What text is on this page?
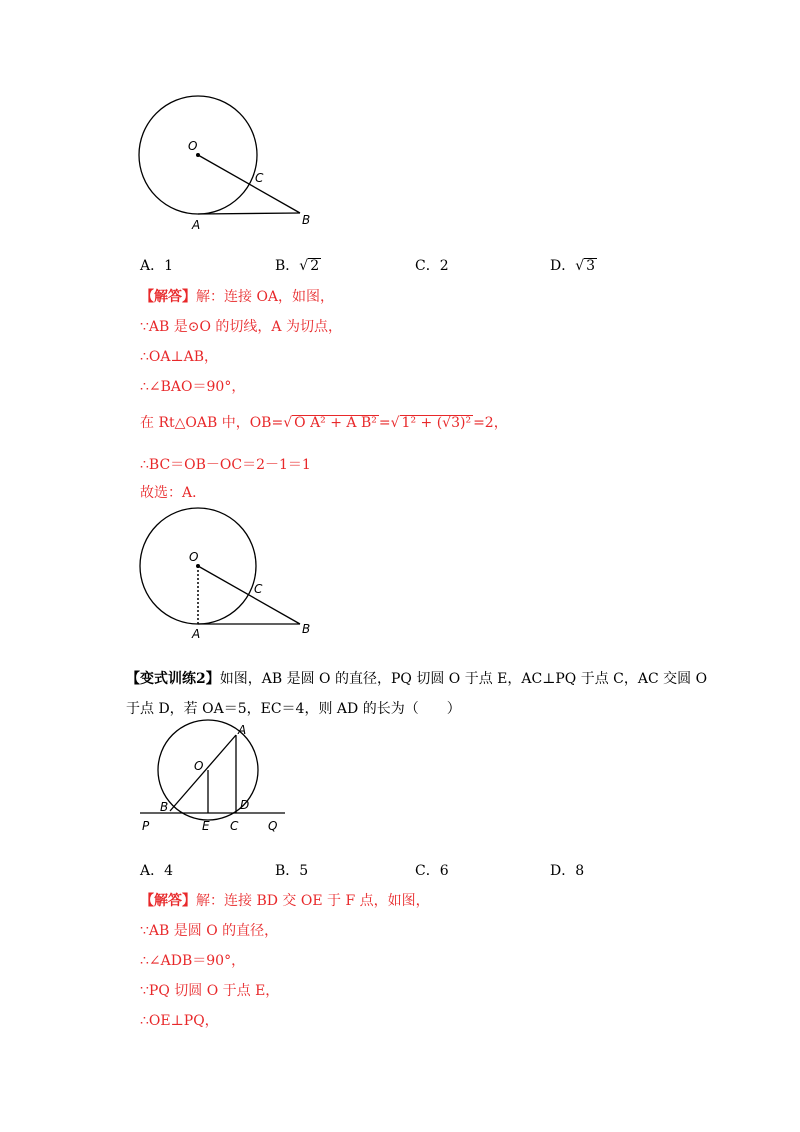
O
C
A	B
A．1	B．√ 2	C．2	D．√ 3
【解答】解：连接 OA，如图，
∵AB 是⊙O 的切线，A 为切点，
∴OA⊥AB，
∴∠BAO＝90°，
在 Rt△OAB 中，OB=√ O A² + A B² =√ 1² + (√3)² =2，
∴BC＝OB－OC＝2－1＝1
故选：A．
O
C
A	B
【变式训练2】如图，AB 是圆 O 的直径，PQ 切圆 O 于点 E，AC⊥PQ 于点 C，AC 交圆 O
于点 D，若 OA＝5，EC＝4，则 AD 的长为（　　）
A
O
B	D
P	E C Q
A．4	B．5	C．6	D．8
【解答】解：连接 BD 交 OE 于 F 点，如图，
∵AB 是圆 O 的直径，
∴∠ADB＝90°，
∵PQ 切圆 O 于点 E，
∴OE⊥PQ，
